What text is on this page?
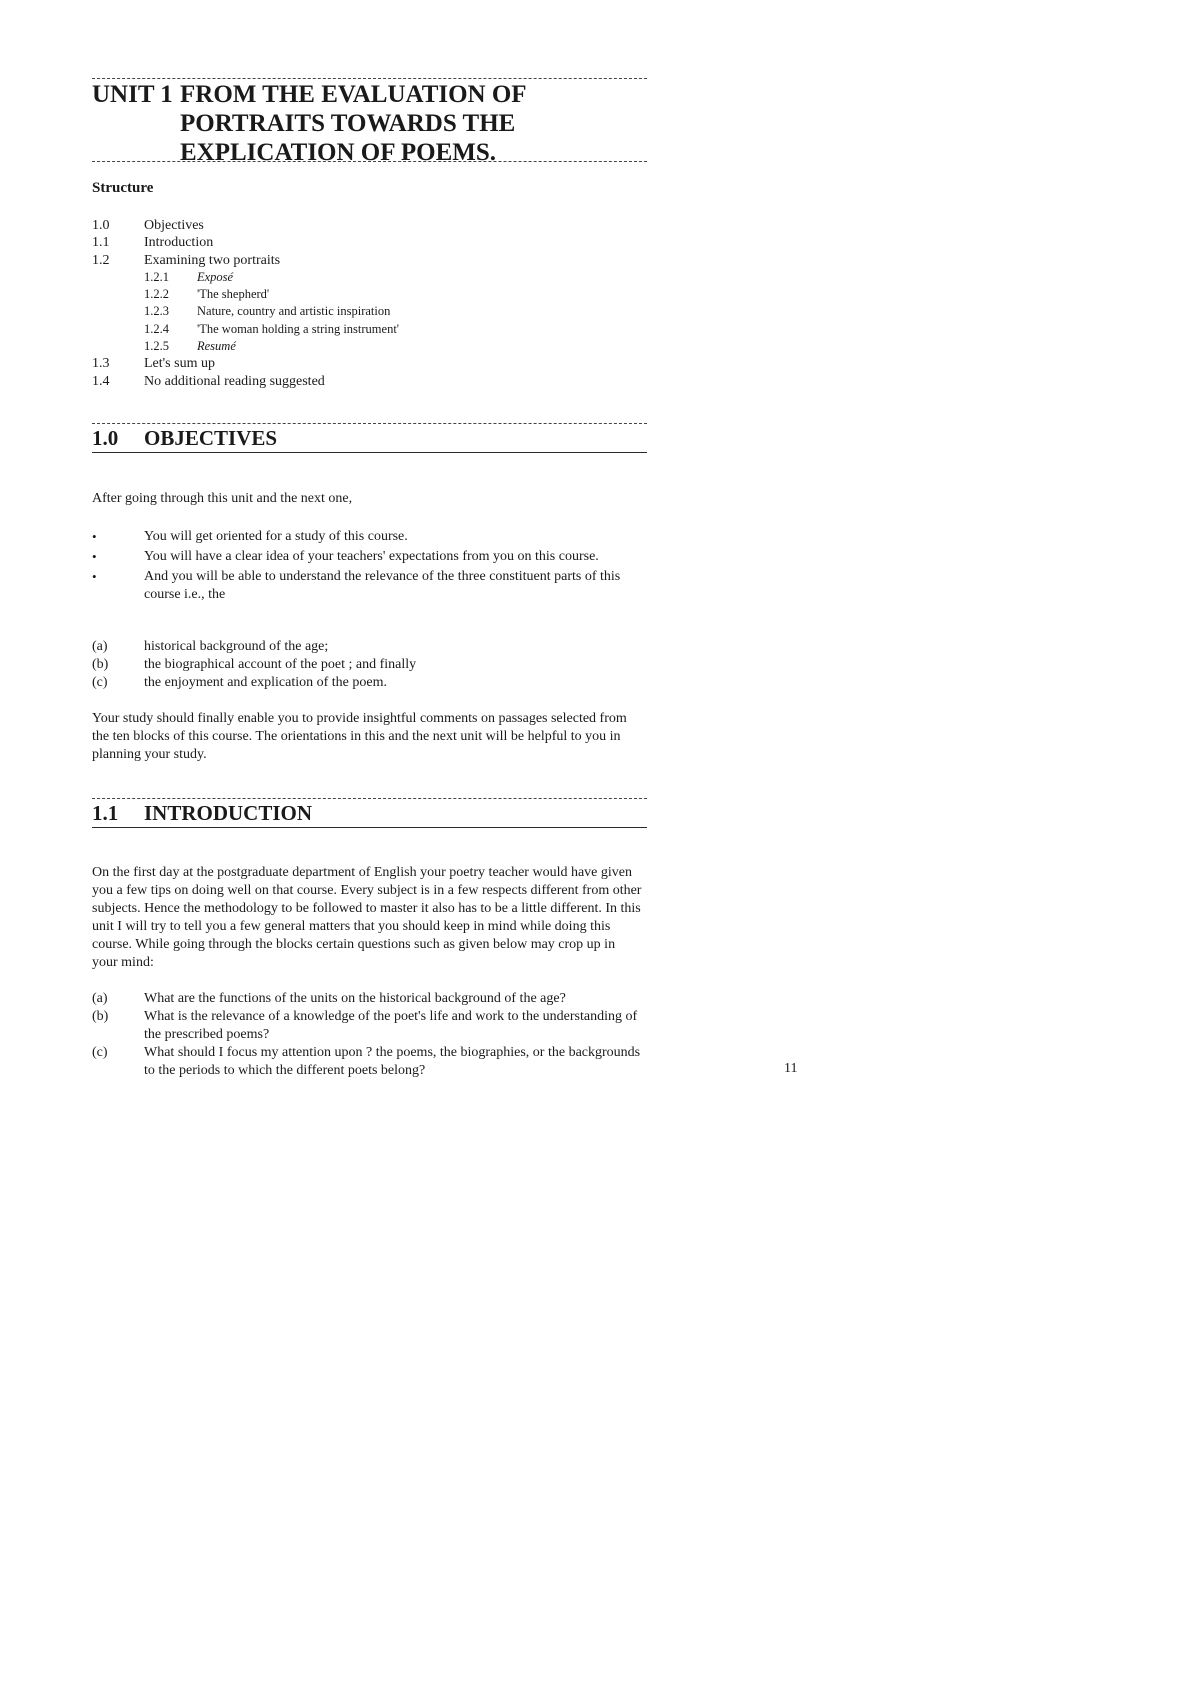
UNIT 1 FROM THE EVALUATION OF
PORTRAITS TOWARDS THE
EXPLICATION OF POEMS.
Structure
1.0 Objectives
1.1 Introduction
1.2 Examining two portraits
1.2.1 Exposé
1.2.2 'The shepherd'
1.2.3 Nature, country and artistic inspiration
1.2.4 'The woman holding a string instrument'
1.2.5 Resumé
1.3 Let's sum up
1.4 No additional reading suggested
1.0 OBJECTIVES
After going through this unit and the next one,
•	You will get oriented for a study of this course.
•	You will have a clear idea of your teachers' expectations from you on this course.
•	And you will be able to understand the relevance of the three constituent parts of this course i.e., the
(a)	historical background of the age;
(b)	the biographical account of the poet ; and finally
(c)	the enjoyment and explication of the poem.
Your study should finally enable you to provide insightful comments on passages selected from the ten blocks of this course. The orientations in this and the next unit will be helpful to you in planning your study.
1.1 INTRODUCTION
On the first day at the postgraduate department of English your poetry teacher would have given you a few tips on doing well on that course. Every subject is in a few respects different from other subjects. Hence the methodology to be followed to master it also has to be a little different. In this unit I will try to tell you a few general matters that you should keep in mind while doing this course. While going through the blocks certain questions such as given below may crop up in your mind:
(a)	What are the functions of the units on the historical background of the age?
(b)	What is the relevance of a knowledge of the poet's life and work to the understanding of the prescribed poems?
(c)	What should I focus my attention upon ? the poems, the biographies, or the backgrounds to the periods to which the different poets belong?	11
